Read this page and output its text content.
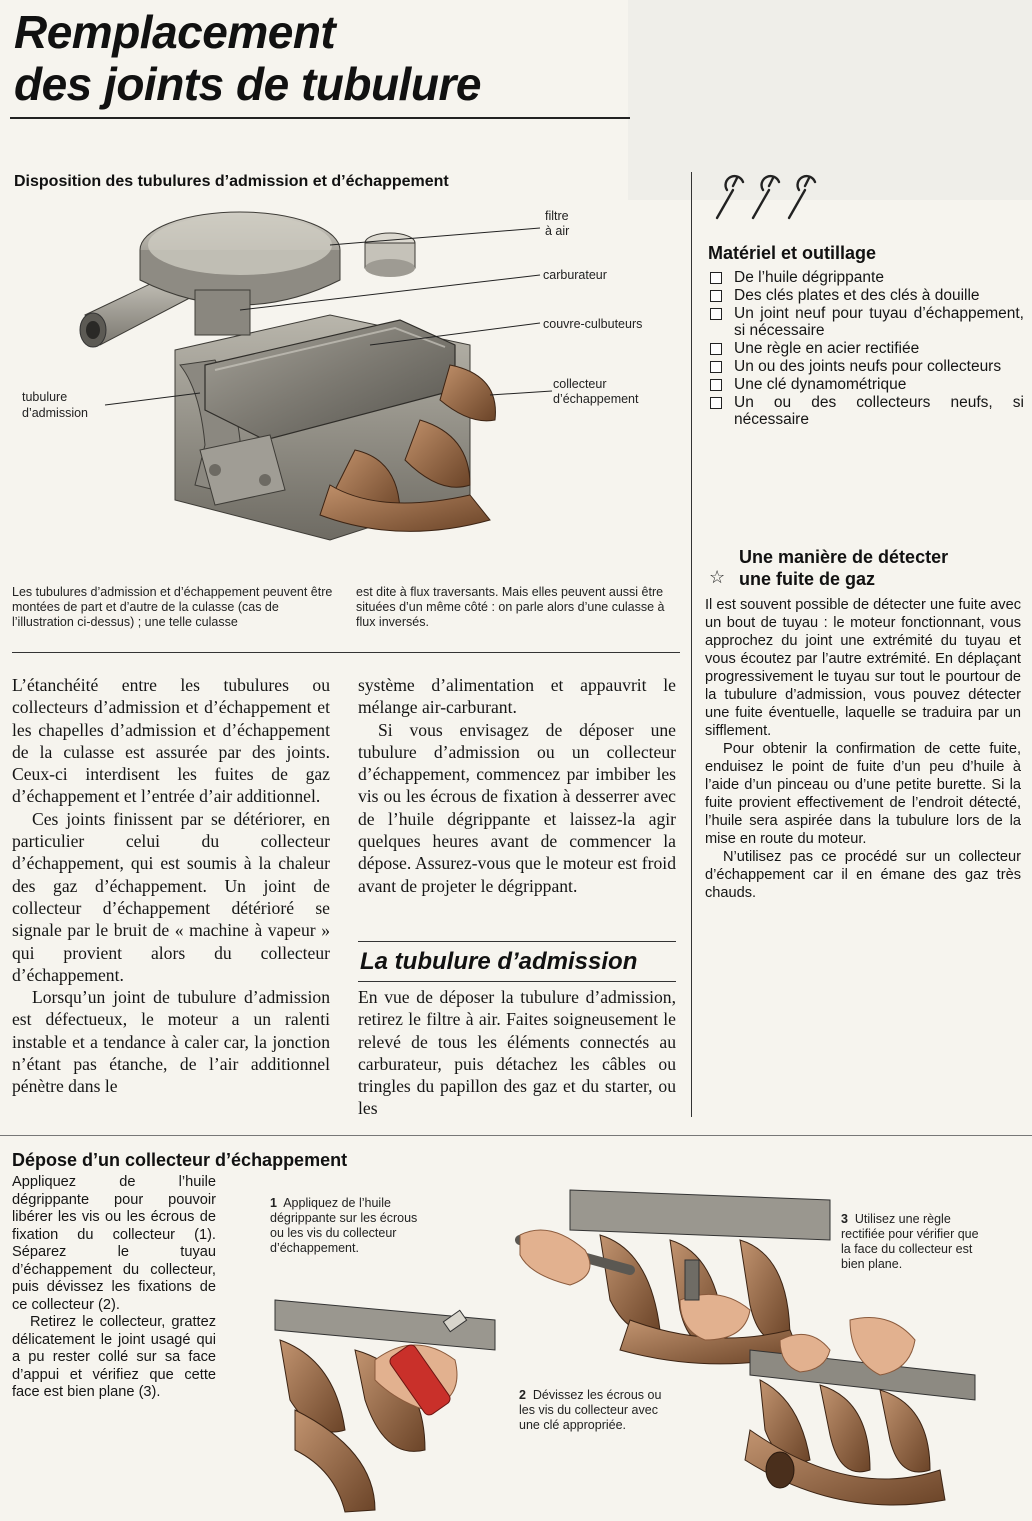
Remplacement
des joints de tubulure
Disposition des tubulures d’admission et d’échappement
filtre
à air
carburateur
couvre-culbuteurs
collecteur
d’échappement
tubulure
d’admission
Les tubulures d’admission et d’échappement peuvent être montées de part et d’autre de la culasse (cas de l’illustration ci-dessus) ; une telle culasse
est dite à flux traversants. Mais elles peuvent aussi être situées d’un même côté : on parle alors d’une culasse à flux inversés.

L’étanchéité entre les tubulures ou collecteurs d’admission et d’échappement et les chapelles d’admission et d’échappement de la culasse est assurée par des joints. Ceux-ci interdisent les fuites de gaz d’échappement et l’entrée d’air additionnel.

Ces joints finissent par se détériorer, en particulier celui du collecteur d’échappement, qui est soumis à la chaleur des gaz d’échappement. Un joint de collecteur d’échappement détérioré se signale par le bruit de « machine à vapeur » qui provient alors du collecteur d’échappement.

Lorsqu’un joint de tubulure d’admission est défectueux, le moteur a un ralenti instable et a tendance à caler car, la jonction n’étant pas étanche, de l’air additionnel pénètre dans le

système d’alimentation et appauvrit le mélange air-carburant.

Si vous envisagez de déposer une tubulure d’admission ou un collecteur d’échappement, commencez par imbiber les vis ou les écrous de fixation à desserrer avec de l’huile dégrippante et laissez-la agir quelques heures avant de commencer la dépose. Assurez-vous que le moteur est froid avant de projeter le dégrippant.

La tubulure d’admission

En vue de déposer la tubulure d’admission, retirez le filtre à air. Faites soigneusement le relevé de tous les éléments connectés au carburateur, puis détachez les câbles ou tringles du papillon des gaz et du starter, ou les

Matériel et outillage
De l’huile dégrippante
Des clés plates et des clés à douille
Un joint neuf pour tuyau d’échappement, si nécessaire
Une règle en acier rectifiée
Un ou des joints neufs pour collecteurs
Une clé dynamométrique
Un ou des collecteurs neufs, si nécessaire
Une manière de détecter
☆ une fuite de gaz

Il est souvent possible de détecter une fuite avec un bout de tuyau : le moteur fonctionnant, vous approchez du joint une extrémité du tuyau et vous écoutez par l’autre extrémité. En déplaçant progressivement le tuyau sur tout le pourtour de la tubulure d’admission, vous pouvez détecter une fuite éventuelle, laquelle se traduira par un sifflement.

Pour obtenir la confirmation de cette fuite, enduisez le point de fuite d’un peu d’huile à l’aide d’un pinceau ou d’une petite burette. Si la fuite provient effectivement de l’endroit détecté, l’huile sera aspirée dans la tubulure lors de la mise en route du moteur.

N’utilisez pas ce procédé sur un collecteur d’échappement car il en émane des gaz très chauds.

Dépose d’un collecteur d’échappement

Appliquez de l’huile dégrippante pour pouvoir libérer les vis ou les écrous de fixation du collecteur (1). Séparez le tuyau d’échappement du collecteur, puis dévissez les fixations de ce collecteur (2).

Retirez le collecteur, grattez délicatement le joint usagé qui a pu rester collé sur sa face d’appui et vérifiez que cette face est bien plane (3).

1 Appliquez de l’huile dégrippante sur les écrous ou les vis du collecteur d’échappement.
2 Dévissez les écrous ou les vis du collecteur avec une clé appropriée.
3 Utilisez une règle rectifiée pour vérifier que la face du collecteur est bien plane.
